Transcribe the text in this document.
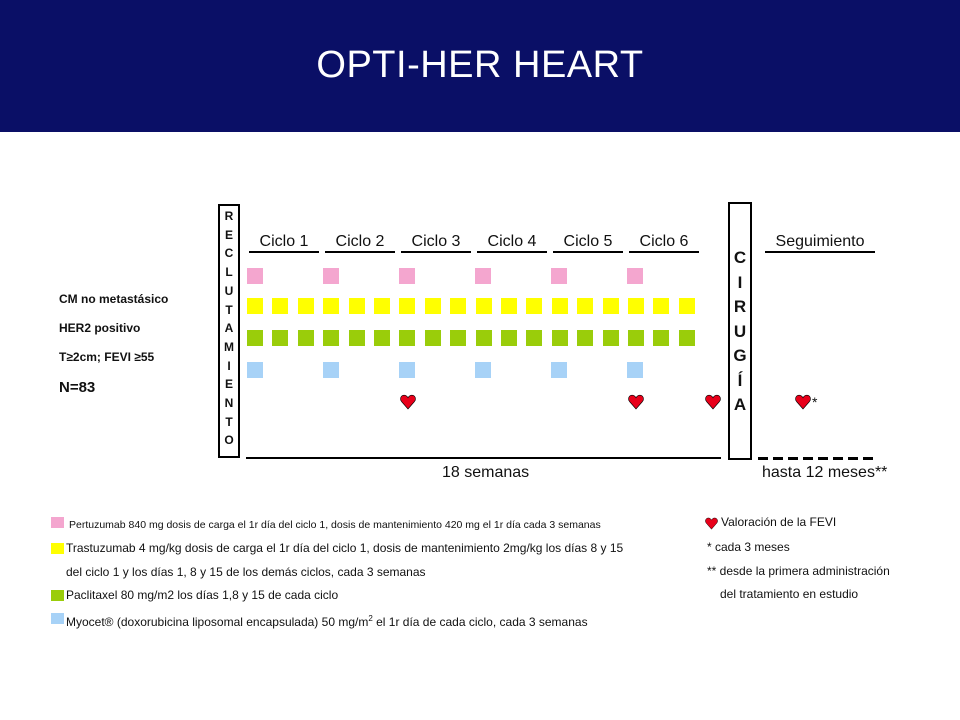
OPTI-HER HEART
CM no metastásico
HER2 positivo
T≥2cm; FEVI ≥55
N=83
R
E
C
L
U
T
A
M
I
E
N
T
O
C
I
R
U
G
Í
A
Ciclo 1	Ciclo 2	Ciclo 3	Ciclo 4	Ciclo 5	Ciclo 6	Seguimiento
*
18 semanas	hasta 12 meses**
Pertuzumab 840 mg dosis de carga el 1r día del ciclo 1, dosis de mantenimiento 420 mg el 1r día cada 3 semanas
Trastuzumab 4 mg/kg dosis de carga el 1r día del ciclo 1, dosis de mantenimiento 2mg/kg los días 8 y 15
del ciclo 1 y los días 1, 8 y 15 de los demás ciclos, cada 3 semanas
Paclitaxel 80 mg/m2 los días 1,8 y 15 de cada ciclo
Myocet® (doxorubicina liposomal encapsulada) 50 $mg/m^2$ el 1r día de cada ciclo, cada 3 semanas
Valoración de la FEVI
* cada 3 meses
** desde la primera administración
del tratamiento en estudio
